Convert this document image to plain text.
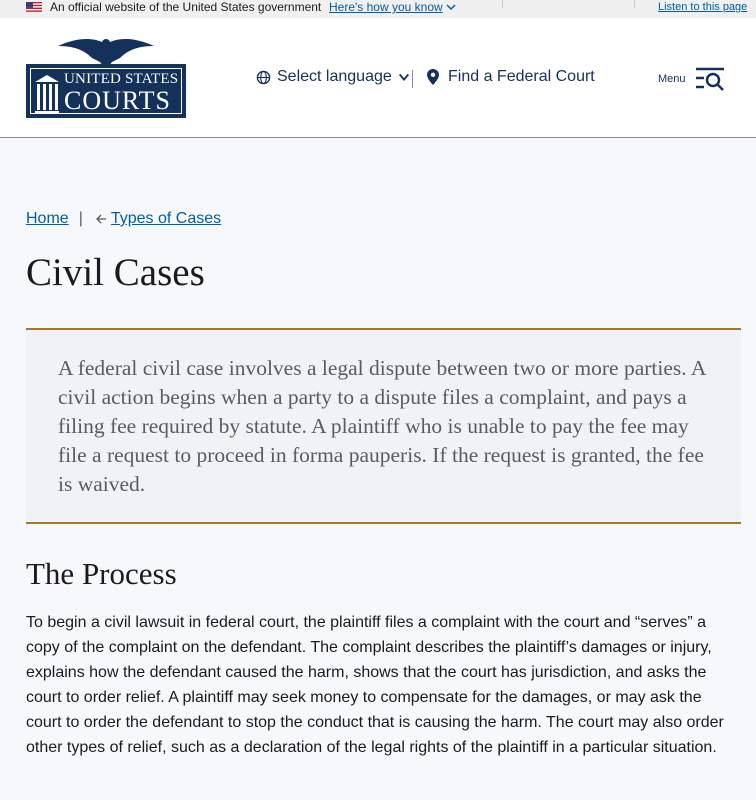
An official website of the United States government Here's how you know	Listen to this page
UNITED STATES
COURTS
Select language	Find a Federal Court	Menu
Home | Types of Cases
Civil Cases

A federal civil case involves a legal dispute between two or more parties. A civil action begins when a party to a dispute files a complaint, and pays a filing fee required by statute. A plaintiff who is unable to pay the fee may file a request to proceed in forma pauperis. If the request is granted, the fee is waived.

The Process

To begin a civil lawsuit in federal court, the plaintiff files a complaint with the court and “serves” a copy of the complaint on the defendant. The complaint describes the plaintiff’s damages or injury, explains how the defendant caused the harm, shows that the court has jurisdiction, and asks the court to order relief. A plaintiff may seek money to compensate for the damages, or may ask the court to order the defendant to stop the conduct that is causing the harm. The court may also order other types of relief, such as a declaration of the legal rights of the plaintiff in a particular situation.
